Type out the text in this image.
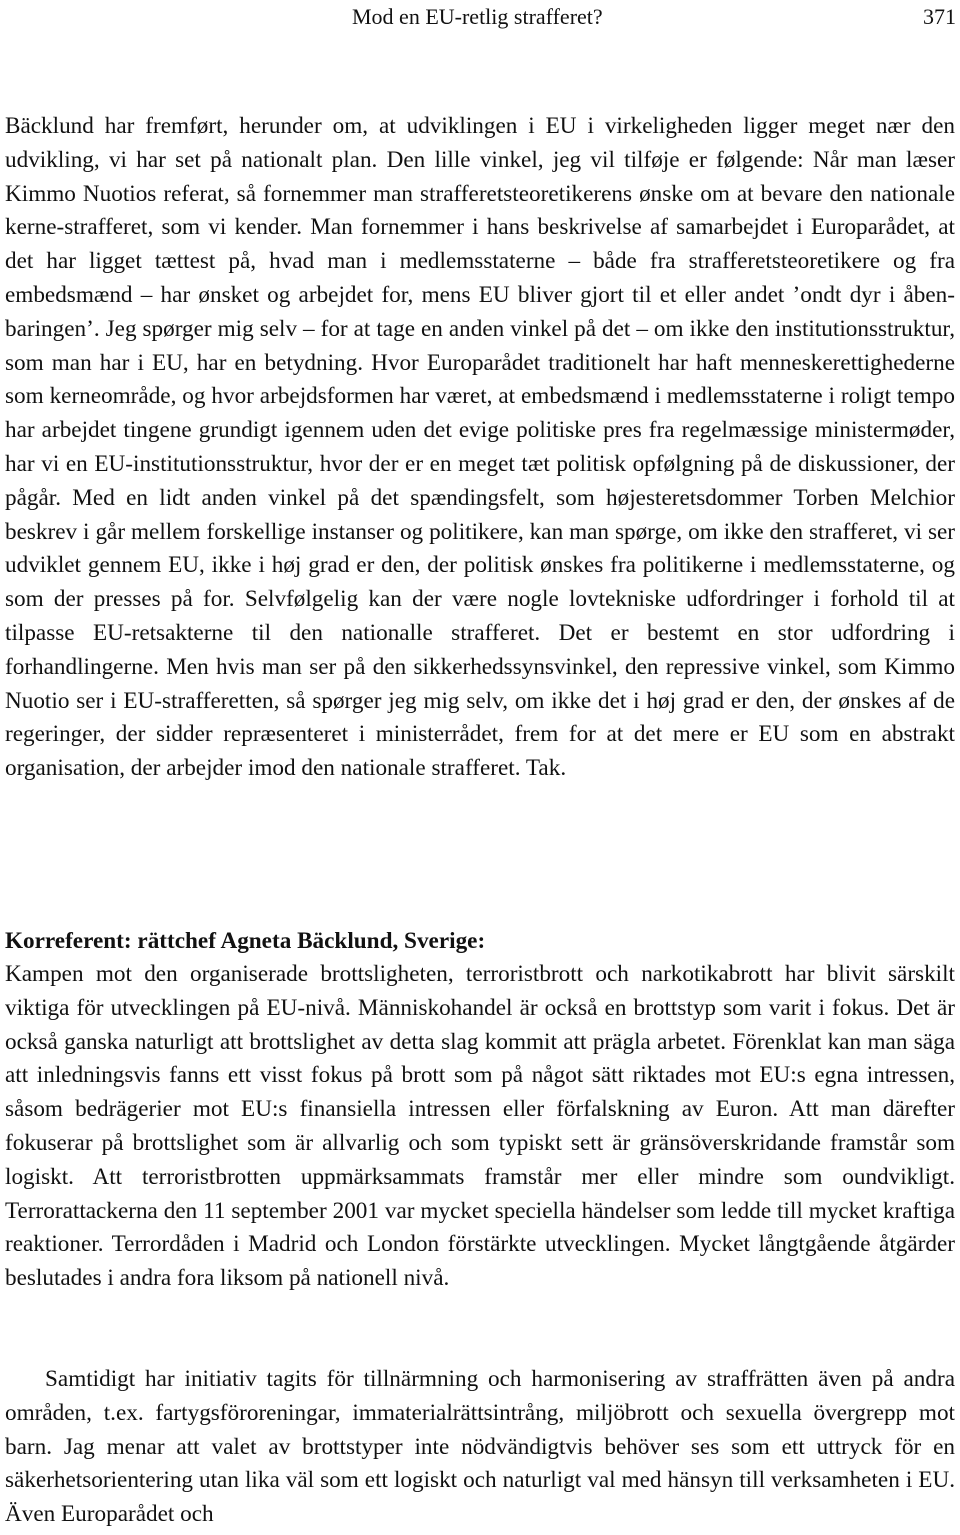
Mod en EU-retlig strafferet?	371

Bäcklund har fremført, herunder om, at udviklingen i EU i virkeligheden ligger meget nær den udvikling, vi har set på nationalt plan. Den lille vinkel, jeg vil tilføje er følgende: Når man læser Kimmo Nuotios referat, så fornemmer man strafferetsteoretikerens ønske om at bevare den nationale kerne-strafferet, som vi kender. Man fornemmer i hans beskrivelse af samarbejdet i Europarådet, at det har ligget tættest på, hvad man i medlemsstaterne – både fra strafferetsteoretikere og fra embedsmænd – har ønsket og arbejdet for, mens EU bliver gjort til et eller andet ’ondt dyr i åbenbaringen’. Jeg spørger mig selv – for at tage en anden vinkel på det – om ikke den institutionsstruktur, som man har i EU, har en betydning. Hvor Europarådet traditionelt har haft menneskerettighederne som kerneområde, og hvor arbejdsformen har været, at embedsmænd i medlemsstaterne i roligt tempo har arbejdet tingene grundigt igennem uden det evige politiske pres fra regelmæssige ministermøder, har vi en EU-institutionsstruktur, hvor der er en meget tæt politisk opfølgning på de diskussioner, der pågår. Med en lidt anden vinkel på det spændingsfelt, som højesteretsdommer Torben Melchior beskrev i går mellem forskellige instanser og politikere, kan man spørge, om ikke den strafferet, vi ser udviklet gennem EU, ikke i høj grad er den, der politisk ønskes fra politikerne i medlemsstaterne, og som der presses på for. Selvfølgelig kan der være nogle lovtekniske udfordringer i forhold til at tilpasse EU-retsakterne til den nationalle strafferet. Det er bestemt en stor udfordring i forhandlingerne. Men hvis man ser på den sikkerhedssynsvinkel, den repressive vinkel, som Kimmo Nuotio ser i EU-strafferetten, så spørger jeg mig selv, om ikke det i høj grad er den, der ønskes af de regeringer, der sidder repræsenteret i ministerrådet, frem for at det mere er EU som en abstrakt organisation, der arbejder imod den nationale strafferet. Tak.

Korreferent: rättchef Agneta Bäcklund, Sverige:

Kampen mot den organiserade brottsligheten, terroristbrott och narkotikabrott har blivit särskilt viktiga för utvecklingen på EU-nivå. Människohandel är också en brottstyp som varit i fokus. Det är också ganska naturligt att brottslighet av detta slag kommit att prägla arbetet. Förenklat kan man säga att inledningsvis fanns ett visst fokus på brott som på något sätt riktades mot EU:s egna intressen, såsom bedrägerier mot EU:s finansiella intressen eller förfalskning av Euron. Att man därefter fokuserar på brottslighet som är allvarlig och som typiskt sett är gränsöverskridande framstår som logiskt. Att terroristbrotten uppmärksammats framstår mer eller mindre som oundvikligt. Terrorattackerna den 11 september 2001 var mycket speciella händelser som ledde till mycket kraftiga reaktioner. Terrordåden i Madrid och London förstärkte utvecklingen. Mycket långtgående åtgärder beslutades i andra fora liksom på nationell nivå.

Samtidigt har initiativ tagits för tillnärmning och harmonisering av straffrätten även på andra områden, t.ex. fartygsföroreningar, immaterialrättsintrång, miljöbrott och sexuella övergrepp mot barn. Jag menar att valet av brottstyper inte nödvändigtvis behöver ses som ett uttryck för en säkerhetsorientering utan lika väl som ett logiskt och naturligt val med hänsyn till verksamheten i EU. Även Europarådet och
